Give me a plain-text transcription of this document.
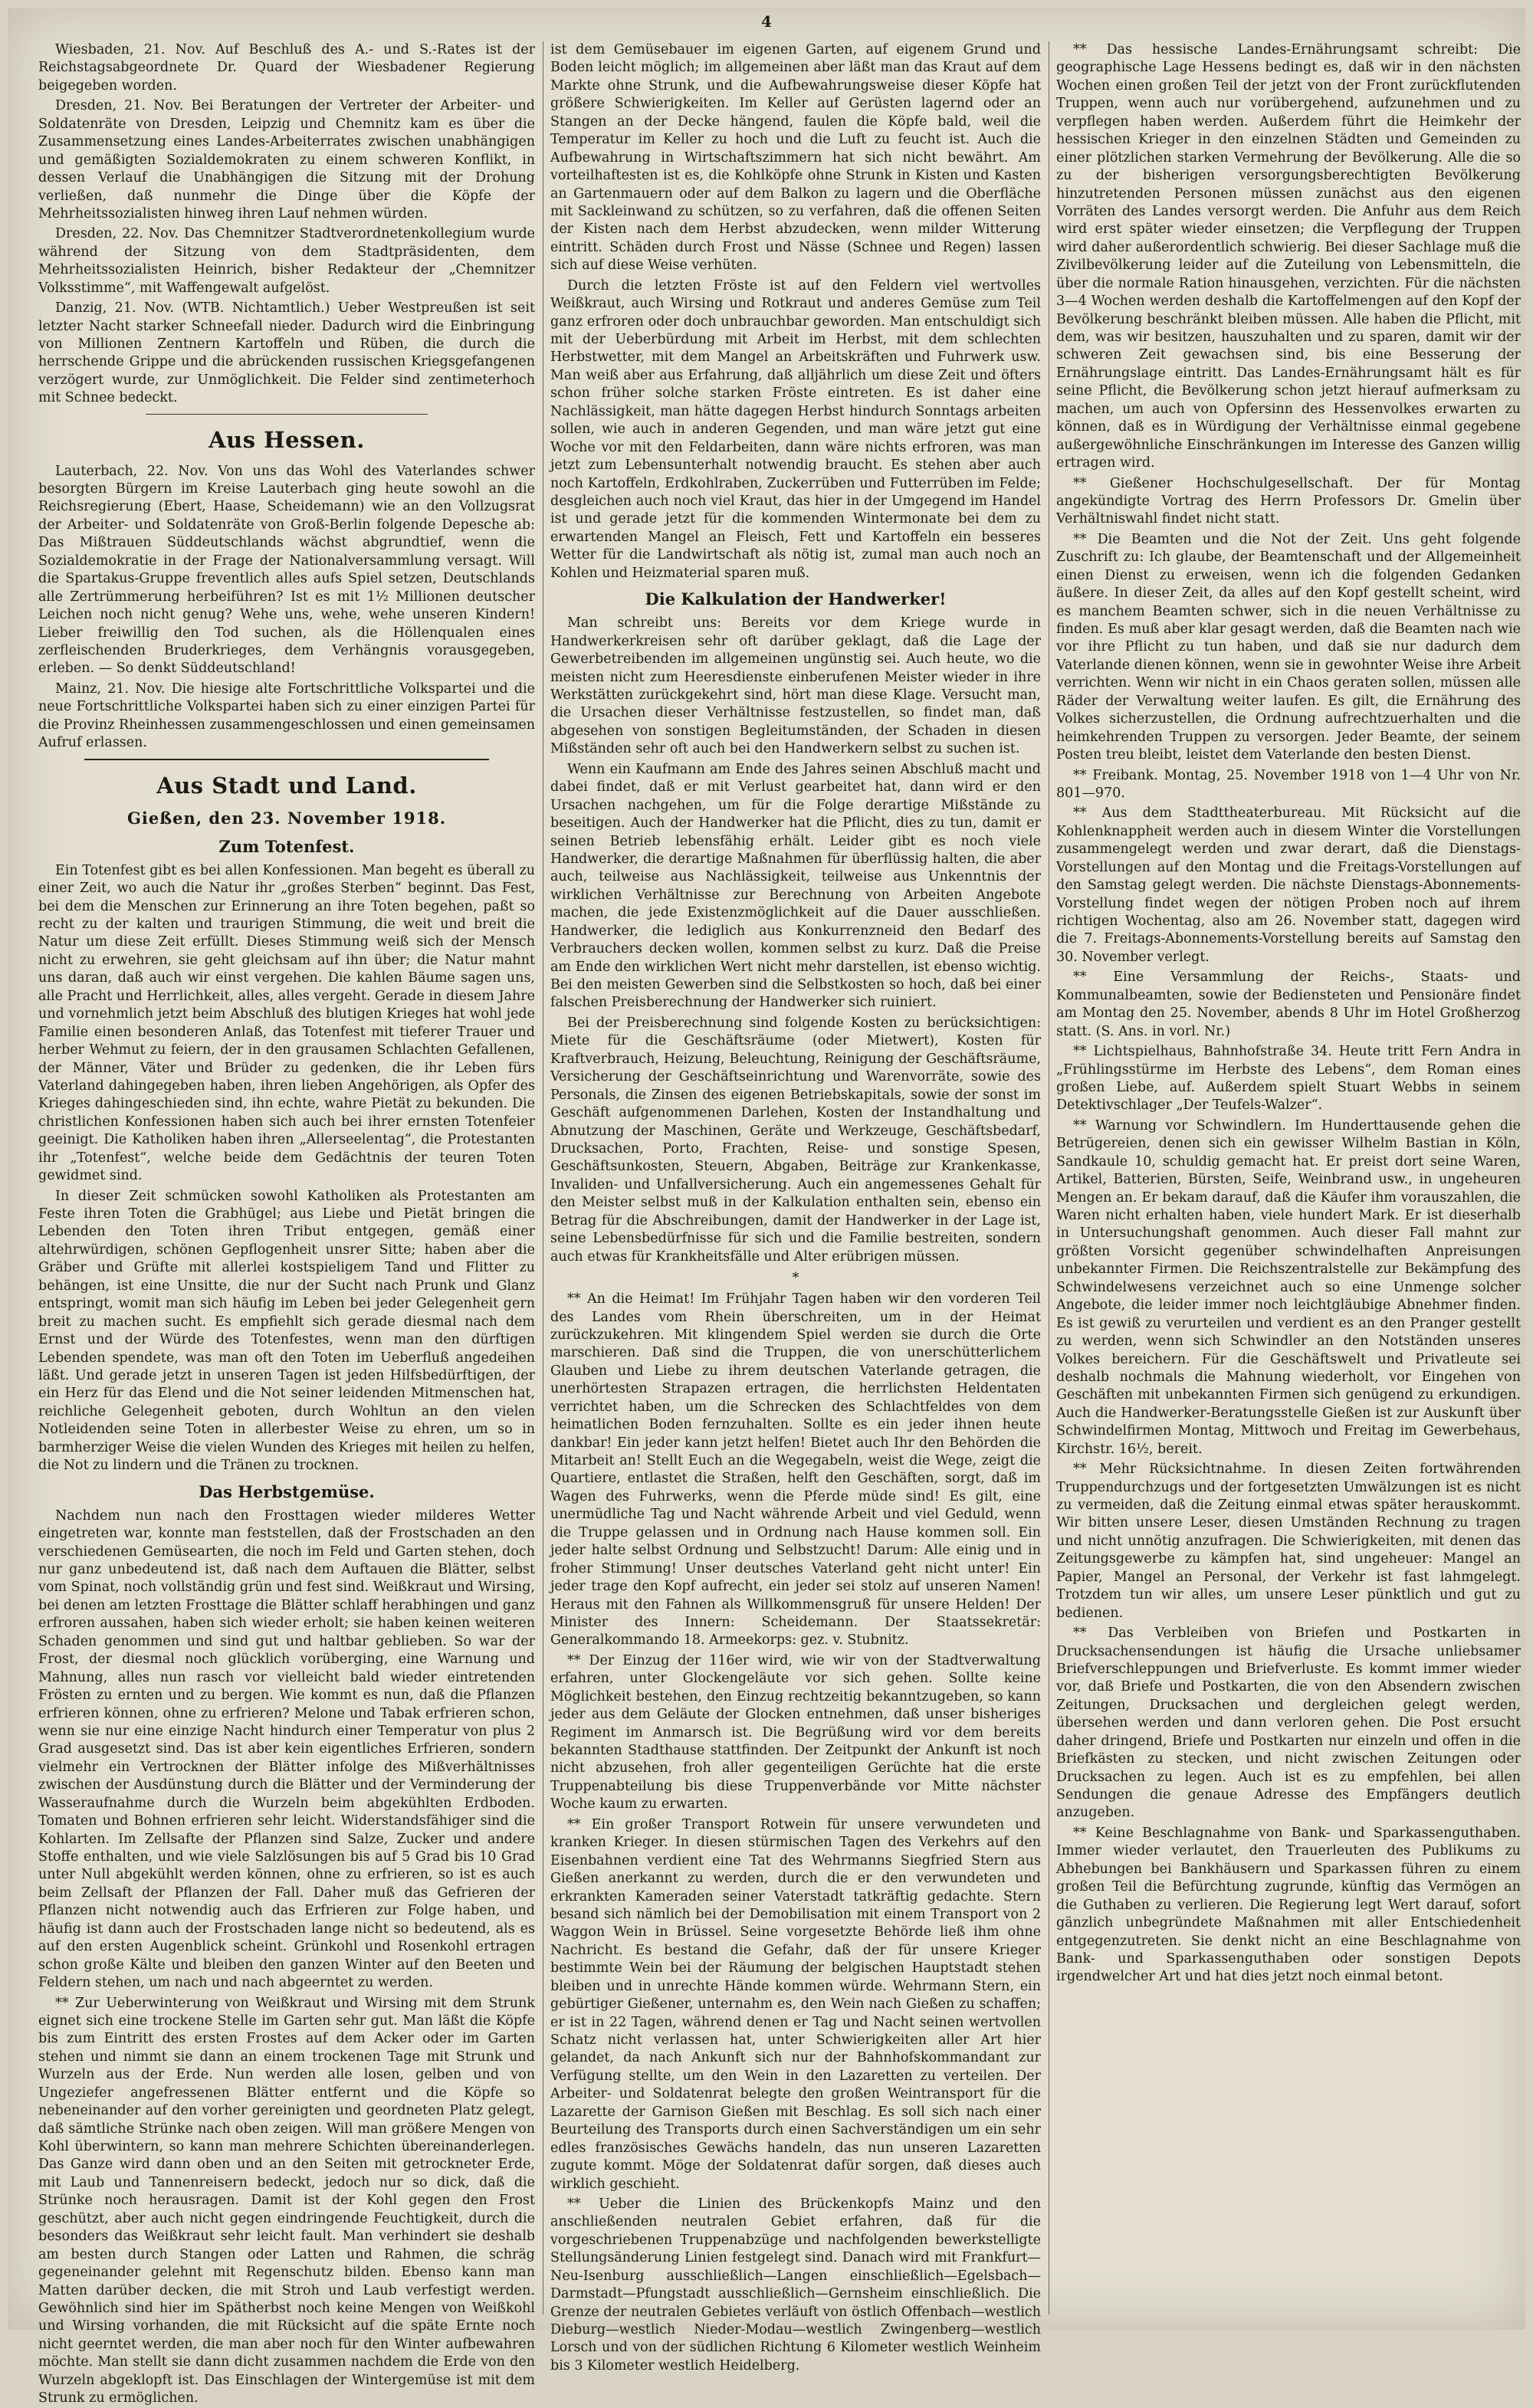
4

Wiesbaden, 21. Nov. Auf Beschluß des A.- und S.-Rates ist der Reichstagsabgeordnete Dr. Quard der Wiesbadener Regierung beigegeben worden.

Dresden, 21. Nov. Bei Beratungen der Vertreter der Arbeiter- und Soldatenräte von Dresden, Leipzig und Chemnitz kam es über die Zusammensetzung eines Landes-Arbeiterrates zwischen unabhängigen und gemäßigten Sozialdemokraten zu einem schweren Konflikt, in dessen Verlauf die Unabhängigen die Sitzung mit der Drohung verließen, daß nunmehr die Dinge über die Köpfe der Mehrheitssozialisten hinweg ihren Lauf nehmen würden.

Dresden, 22. Nov. Das Chemnitzer Stadtverordnetenkollegium wurde während der Sitzung von dem Stadtpräsidenten, dem Mehrheitssozialisten Heinrich, bisher Redakteur der „Chemnitzer Volksstimme“, mit Waffengewalt aufgelöst.

Danzig, 21. Nov. (WTB. Nichtamtlich.) Ueber Westpreußen ist seit letzter Nacht starker Schneefall nieder. Dadurch wird die Einbringung von Millionen Zentnern Kartoffeln und Rüben, die durch die herrschende Grippe und die abrückenden russischen Kriegsgefangenen verzögert wurde, zur Unmöglichkeit. Die Felder sind zentimeterhoch mit Schnee bedeckt.

Aus Hessen.

Lauterbach, 22. Nov. Von uns das Wohl des Vaterlandes schwer besorgten Bürgern im Kreise Lauterbach ging heute sowohl an die Reichsregierung (Ebert, Haase, Scheidemann) wie an den Vollzugsrat der Arbeiter- und Soldatenräte von Groß-Berlin folgende Depesche ab: Das Mißtrauen Süddeutschlands wächst abgrundtief, wenn die Sozialdemokratie in der Frage der Nationalversammlung versagt. Will die Spartakus-Gruppe freventlich alles aufs Spiel setzen, Deutschlands alle Zertrümmerung herbeiführen? Ist es mit 1½ Millionen deutscher Leichen noch nicht genug? Wehe uns, wehe, wehe unseren Kindern! Lieber freiwillig den Tod suchen, als die Höllenqualen eines zerfleischenden Bruderkrieges, dem Verhängnis vorausgegeben, erleben. — So denkt Süddeutschland!

Mainz, 21. Nov. Die hiesige alte Fortschrittliche Volkspartei und die neue Fortschrittliche Volkspartei haben sich zu einer einzigen Partei für die Provinz Rheinhessen zusammengeschlossen und einen gemeinsamen Aufruf erlassen.

Aus Stadt und Land.
Gießen, den 23. November 1918.
Zum Totenfest.

Ein Totenfest gibt es bei allen Konfessionen. Man begeht es überall zu einer Zeit, wo auch die Natur ihr „großes Sterben“ beginnt. Das Fest, bei dem die Menschen zur Erinnerung an ihre Toten begehen, paßt so recht zu der kalten und traurigen Stimmung, die weit und breit die Natur um diese Zeit erfüllt. Dieses Stimmung weiß sich der Mensch nicht zu erwehren, sie geht gleichsam auf ihn über; die Natur mahnt uns daran, daß auch wir einst vergehen. Die kahlen Bäume sagen uns, alle Pracht und Herrlichkeit, alles, alles vergeht. Gerade in diesem Jahre und vornehmlich jetzt beim Abschluß des blutigen Krieges hat wohl jede Familie einen besonderen Anlaß, das Totenfest mit tieferer Trauer und herber Wehmut zu feiern, der in den grausamen Schlachten Gefallenen, der Männer, Väter und Brüder zu gedenken, die ihr Leben fürs Vaterland dahingegeben haben, ihren lieben Angehörigen, als Opfer des Krieges dahingeschieden sind, ihn echte, wahre Pietät zu bekunden. Die christlichen Konfessionen haben sich auch bei ihrer ernsten Totenfeier geeinigt. Die Katholiken haben ihren „Allerseelentag“, die Protestanten ihr „Totenfest“, welche beide dem Gedächtnis der teuren Toten gewidmet sind.

In dieser Zeit schmücken sowohl Katholiken als Protestanten am Feste ihren Toten die Grabhügel; aus Liebe und Pietät bringen die Lebenden den Toten ihren Tribut entgegen, gemäß einer altehrwürdigen, schönen Gepflogenheit unsrer Sitte; haben aber die Gräber und Grüfte mit allerlei kostspieligem Tand und Flitter zu behängen, ist eine Unsitte, die nur der Sucht nach Prunk und Glanz entspringt, womit man sich häufig im Leben bei jeder Gelegenheit gern breit zu machen sucht. Es empfiehlt sich gerade diesmal nach dem Ernst und der Würde des Totenfestes, wenn man den dürftigen Lebenden spendete, was man oft den Toten im Ueberfluß angedeihen läßt. Und gerade jetzt in unseren Tagen ist jeden Hilfsbedürftigen, der ein Herz für das Elend und die Not seiner leidenden Mitmenschen hat, reichliche Gelegenheit geboten, durch Wohltun an den vielen Notleidenden seine Toten in allerbester Weise zu ehren, um so in barmherziger Weise die vielen Wunden des Krieges mit heilen zu helfen, die Not zu lindern und die Tränen zu trocknen.

Das Herbstgemüse.

Nachdem nun nach den Frosttagen wieder milderes Wetter eingetreten war, konnte man feststellen, daß der Frostschaden an den verschiedenen Gemüsearten, die noch im Feld und Garten stehen, doch nur ganz unbedeutend ist, daß nach dem Auftauen die Blätter, selbst vom Spinat, noch vollständig grün und fest sind. Weißkraut und Wirsing, bei denen am letzten Frosttage die Blätter schlaff herabhingen und ganz erfroren aussahen, haben sich wieder erholt; sie haben keinen weiteren Schaden genommen und sind gut und haltbar geblieben. So war der Frost, der diesmal noch glücklich vorüberging, eine Warnung und Mahnung, alles nun rasch vor vielleicht bald wieder eintretenden Frösten zu ernten und zu bergen. Wie kommt es nun, daß die Pflanzen erfrieren können, ohne zu erfrieren? Melone und Tabak erfrieren schon, wenn sie nur eine einzige Nacht hindurch einer Temperatur von plus 2 Grad ausgesetzt sind. Das ist aber kein eigentliches Erfrieren, sondern vielmehr ein Vertrocknen der Blätter infolge des Mißverhältnisses zwischen der Ausdünstung durch die Blätter und der Verminderung der Wasseraufnahme durch die Wurzeln beim abgekühlten Erdboden. Tomaten und Bohnen erfrieren sehr leicht. Widerstandsfähiger sind die Kohlarten. Im Zellsafte der Pflanzen sind Salze, Zucker und andere Stoffe enthalten, und wie viele Salzlösungen bis auf 5 Grad bis 10 Grad unter Null abgekühlt werden können, ohne zu erfrieren, so ist es auch beim Zellsaft der Pflanzen der Fall. Daher muß das Gefrieren der Pflanzen nicht notwendig auch das Erfrieren zur Folge haben, und häufig ist dann auch der Frostschaden lange nicht so bedeutend, als es auf den ersten Augenblick scheint. Grünkohl und Rosenkohl ertragen schon große Kälte und bleiben den ganzen Winter auf den Beeten und Feldern stehen, um nach und nach abgeerntet zu werden.

** Zur Ueberwinterung von Weißkraut und Wirsing mit dem Strunk eignet sich eine trockene Stelle im Garten sehr gut. Man läßt die Köpfe bis zum Eintritt des ersten Frostes auf dem Acker oder im Garten stehen und nimmt sie dann an einem trockenen Tage mit Strunk und Wurzeln aus der Erde. Nun werden alle losen, gelben und von Ungeziefer angefressenen Blätter entfernt und die Köpfe so nebeneinander auf den vorher gereinigten und geordneten Platz gelegt, daß sämtliche Strünke nach oben zeigen. Will man größere Mengen von Kohl überwintern, so kann man mehrere Schichten übereinanderlegen. Das Ganze wird dann oben und an den Seiten mit getrockneter Erde, mit Laub und Tannenreisern bedeckt, jedoch nur so dick, daß die Strünke noch herausragen. Damit ist der Kohl gegen den Frost geschützt, aber auch nicht gegen eindringende Feuchtigkeit, durch die besonders das Weißkraut sehr leicht fault. Man verhindert sie deshalb am besten durch Stangen oder Latten und Rahmen, die schräg gegeneinander gelehnt mit Regenschutz bilden. Ebenso kann man Matten darüber decken, die mit Stroh und Laub verfestigt werden. Gewöhnlich sind hier im Spätherbst noch keine Mengen von Weißkohl und Wirsing vorhanden, die mit Rücksicht auf die späte Ernte noch nicht geerntet werden, die man aber noch für den Winter aufbewahren möchte. Man stellt sie dann dicht zusammen nachdem die Erde von den Wurzeln abgeklopft ist. Das Einschlagen der Wintergemüse ist mit dem Strunk zu ermöglichen.

ist dem Gemüsebauer im eigenen Garten, auf eigenem Grund und Boden leicht möglich; im allgemeinen aber läßt man das Kraut auf dem Markte ohne Strunk, und die Aufbewahrungsweise dieser Köpfe hat größere Schwierigkeiten. Im Keller auf Gerüsten lagernd oder an Stangen an der Decke hängend, faulen die Köpfe bald, weil die Temperatur im Keller zu hoch und die Luft zu feucht ist. Auch die Aufbewahrung in Wirtschaftszimmern hat sich nicht bewährt. Am vorteilhaftesten ist es, die Kohlköpfe ohne Strunk in Kisten und Kasten an Gartenmauern oder auf dem Balkon zu lagern und die Oberfläche mit Sackleinwand zu schützen, so zu verfahren, daß die offenen Seiten der Kisten nach dem Herbst abzudecken, wenn milder Witterung eintritt. Schäden durch Frost und Nässe (Schnee und Regen) lassen sich auf diese Weise verhüten.

Durch die letzten Fröste ist auf den Feldern viel wertvolles Weißkraut, auch Wirsing und Rotkraut und anderes Gemüse zum Teil ganz erfroren oder doch unbrauchbar geworden. Man entschuldigt sich mit der Ueberbürdung mit Arbeit im Herbst, mit dem schlechten Herbstwetter, mit dem Mangel an Arbeitskräften und Fuhrwerk usw. Man weiß aber aus Erfahrung, daß alljährlich um diese Zeit und öfters schon früher solche starken Fröste eintreten. Es ist daher eine Nachlässigkeit, man hätte dagegen Herbst hindurch Sonntags arbeiten sollen, wie auch in anderen Gegenden, und man wäre jetzt gut eine Woche vor mit den Feldarbeiten, dann wäre nichts erfroren, was man jetzt zum Lebensunterhalt notwendig braucht. Es stehen aber auch noch Kartoffeln, Erdkohlraben, Zuckerrüben und Futterrüben im Felde; desgleichen auch noch viel Kraut, das hier in der Umgegend im Handel ist und gerade jetzt für die kommenden Wintermonate bei dem zu erwartenden Mangel an Fleisch, Fett und Kartoffeln ein besseres Wetter für die Landwirtschaft als nötig ist, zumal man auch noch an Kohlen und Heizmaterial sparen muß.

Die Kalkulation der Handwerker!

Man schreibt uns: Bereits vor dem Kriege wurde in Handwerkerkreisen sehr oft darüber geklagt, daß die Lage der Gewerbetreibenden im allgemeinen ungünstig sei. Auch heute, wo die meisten nicht zum Heeresdienste einberufenen Meister wieder in ihre Werkstätten zurückgekehrt sind, hört man diese Klage. Versucht man, die Ursachen dieser Verhältnisse festzustellen, so findet man, daß abgesehen von sonstigen Begleitumständen, der Schaden in diesen Mißständen sehr oft auch bei den Handwerkern selbst zu suchen ist.

Wenn ein Kaufmann am Ende des Jahres seinen Abschluß macht und dabei findet, daß er mit Verlust gearbeitet hat, dann wird er den Ursachen nachgehen, um für die Folge derartige Mißstände zu beseitigen. Auch der Handwerker hat die Pflicht, dies zu tun, damit er seinen Betrieb lebensfähig erhält. Leider gibt es noch viele Handwerker, die derartige Maßnahmen für überflüssig halten, die aber auch, teilweise aus Nachlässigkeit, teilweise aus Unkenntnis der wirklichen Verhältnisse zur Berechnung von Arbeiten Angebote machen, die jede Existenzmöglichkeit auf die Dauer ausschließen. Handwerker, die lediglich aus Konkurrenzneid den Bedarf des Verbrauchers decken wollen, kommen selbst zu kurz. Daß die Preise am Ende den wirklichen Wert nicht mehr darstellen, ist ebenso wichtig. Bei den meisten Gewerben sind die Selbstkosten so hoch, daß bei einer falschen Preisberechnung der Handwerker sich ruiniert.

Bei der Preisberechnung sind folgende Kosten zu berücksichtigen: Miete für die Geschäftsräume (oder Mietwert), Kosten für Kraftverbrauch, Heizung, Beleuchtung, Reinigung der Geschäftsräume, Versicherung der Geschäftseinrichtung und Warenvorräte, sowie des Personals, die Zinsen des eigenen Betriebskapitals, sowie der sonst im Geschäft aufgenommenen Darlehen, Kosten der Instandhaltung und Abnutzung der Maschinen, Geräte und Werkzeuge, Geschäftsbedarf, Drucksachen, Porto, Frachten, Reise- und sonstige Spesen, Geschäftsunkosten, Steuern, Abgaben, Beiträge zur Krankenkasse, Invaliden- und Unfallversicherung. Auch ein angemessenes Gehalt für den Meister selbst muß in der Kalkulation enthalten sein, ebenso ein Betrag für die Abschreibungen, damit der Handwerker in der Lage ist, seine Lebensbedürfnisse für sich und die Familie bestreiten, sondern auch etwas für Krankheitsfälle und Alter erübrigen müssen.

*

** An die Heimat! Im Frühjahr Tagen haben wir den vorderen Teil des Landes vom Rhein überschreiten, um in der Heimat zurückzukehren. Mit klingendem Spiel werden sie durch die Orte marschieren. Daß sind die Truppen, die von unerschütterlichem Glauben und Liebe zu ihrem deutschen Vaterlande getragen, die unerhörtesten Strapazen ertragen, die herrlichsten Heldentaten verrichtet haben, um die Schrecken des Schlachtfeldes von dem heimatlichen Boden fernzuhalten. Sollte es ein jeder ihnen heute dankbar! Ein jeder kann jetzt helfen! Bietet auch Ihr den Behörden die Mitarbeit an! Stellt Euch an die Wegegabeln, weist die Wege, zeigt die Quartiere, entlastet die Straßen, helft den Geschäften, sorgt, daß im Wagen des Fuhrwerks, wenn die Pferde müde sind! Es gilt, eine unermüdliche Tag und Nacht währende Arbeit und viel Geduld, wenn die Truppe gelassen und in Ordnung nach Hause kommen soll. Ein jeder halte selbst Ordnung und Selbstzucht! Darum: Alle einig und in froher Stimmung! Unser deutsches Vaterland geht nicht unter! Ein jeder trage den Kopf aufrecht, ein jeder sei stolz auf unseren Namen! Heraus mit den Fahnen als Willkommensgruß für unsere Helden! Der Minister des Innern: Scheidemann. Der Staatssekretär: Generalkommando 18. Armeekorps: gez. v. Stubnitz.

** Der Einzug der 116er wird, wie wir von der Stadtverwaltung erfahren, unter Glockengeläute vor sich gehen. Sollte keine Möglichkeit bestehen, den Einzug rechtzeitig bekanntzugeben, so kann jeder aus dem Geläute der Glocken entnehmen, daß unser bisheriges Regiment im Anmarsch ist. Die Begrüßung wird vor dem bereits bekannten Stadthause stattfinden. Der Zeitpunkt der Ankunft ist noch nicht abzusehen, froh aller gegenteiligen Gerüchte hat die erste Truppenabteilung bis diese Truppenverbände vor Mitte nächster Woche kaum zu erwarten.

** Ein großer Transport Rotwein für unsere verwundeten und kranken Krieger. In diesen stürmischen Tagen des Verkehrs auf den Eisenbahnen verdient eine Tat des Wehrmanns Siegfried Stern aus Gießen anerkannt zu werden, durch die er den verwundeten und erkrankten Kameraden seiner Vaterstadt tatkräftig gedachte. Stern besand sich nämlich bei der Demobilisation mit einem Transport von 2 Waggon Wein in Brüssel. Seine vorgesetzte Behörde ließ ihm ohne Nachricht. Es bestand die Gefahr, daß der für unsere Krieger bestimmte Wein bei der Räumung der belgischen Hauptstadt stehen bleiben und in unrechte Hände kommen würde. Wehrmann Stern, ein gebürtiger Gießener, unternahm es, den Wein nach Gießen zu schaffen; er ist in 22 Tagen, während denen er Tag und Nacht seinen wertvollen Schatz nicht verlassen hat, unter Schwierigkeiten aller Art hier gelandet, da nach Ankunft sich nur der Bahnhofskommandant zur Verfügung stellte, um den Wein in den Lazaretten zu verteilen. Der Arbeiter- und Soldatenrat belegte den großen Weintransport für die Lazarette der Garnison Gießen mit Beschlag. Es soll sich nach einer Beurteilung des Transports durch einen Sachverständigen um ein sehr edles französisches Gewächs handeln, das nun unseren Lazaretten zugute kommt. Möge der Soldatenrat dafür sorgen, daß dieses auch wirklich geschieht.

** Ueber die Linien des Brückenkopfs Mainz und den anschließenden neutralen Gebiet erfahren, daß für die vorgeschriebenen Truppenabzüge und nachfolgenden bewerkstelligte Stellungsänderung Linien festgelegt sind. Danach wird mit Frankfurt—Neu-Isenburg ausschließlich—Langen einschließlich—Egelsbach—Darmstadt—Pfungstadt ausschließlich—Gernsheim einschließlich. Die Grenze der neutralen Gebietes verläuft von östlich Offenbach—westlich Dieburg—westlich Nieder-Modau—westlich Zwingenberg—westlich Lorsch und von der südlichen Richtung 6 Kilometer westlich Weinheim bis 3 Kilometer westlich Heidelberg.

** Das hessische Landes-Ernährungsamt schreibt: Die geographische Lage Hessens bedingt es, daß wir in den nächsten Wochen einen großen Teil der jetzt von der Front zurückflutenden Truppen, wenn auch nur vorübergehend, aufzunehmen und zu verpflegen haben werden. Außerdem führt die Heimkehr der hessischen Krieger in den einzelnen Städten und Gemeinden zu einer plötzlichen starken Vermehrung der Bevölkerung. Alle die so zu der bisherigen versorgungsberechtigten Bevölkerung hinzutretenden Personen müssen zunächst aus den eigenen Vorräten des Landes versorgt werden. Die Anfuhr aus dem Reich wird erst später wieder einsetzen; die Verpflegung der Truppen wird daher außerordentlich schwierig. Bei dieser Sachlage muß die Zivilbevölkerung leider auf die Zuteilung von Lebensmitteln, die über die normale Ration hinausgehen, verzichten. Für die nächsten 3—4 Wochen werden deshalb die Kartoffelmengen auf den Kopf der Bevölkerung beschränkt bleiben müssen. Alle haben die Pflicht, mit dem, was wir besitzen, hauszuhalten und zu sparen, damit wir der schweren Zeit gewachsen sind, bis eine Besserung der Ernährungslage eintritt. Das Landes-Ernährungsamt hält es für seine Pflicht, die Bevölkerung schon jetzt hierauf aufmerksam zu machen, um auch von Opfersinn des Hessenvolkes erwarten zu können, daß es in Würdigung der Verhältnisse einmal gegebene außergewöhnliche Einschränkungen im Interesse des Ganzen willig ertragen wird.

** Gießener Hochschulgesellschaft. Der für Montag angekündigte Vortrag des Herrn Professors Dr. Gmelin über Verhältniswahl findet nicht statt.

** Die Beamten und die Not der Zeit. Uns geht folgende Zuschrift zu: Ich glaube, der Beamtenschaft und der Allgemeinheit einen Dienst zu erweisen, wenn ich die folgenden Gedanken äußere. In dieser Zeit, da alles auf den Kopf gestellt scheint, wird es manchem Beamten schwer, sich in die neuen Verhältnisse zu finden. Es muß aber klar gesagt werden, daß die Beamten nach wie vor ihre Pflicht zu tun haben, und daß sie nur dadurch dem Vaterlande dienen können, wenn sie in gewohnter Weise ihre Arbeit verrichten. Wenn wir nicht in ein Chaos geraten sollen, müssen alle Räder der Verwaltung weiter laufen. Es gilt, die Ernährung des Volkes sicherzustellen, die Ordnung aufrechtzuerhalten und die heimkehrenden Truppen zu versorgen. Jeder Beamte, der seinem Posten treu bleibt, leistet dem Vaterlande den besten Dienst.

** Freibank. Montag, 25. November 1918 von 1—4 Uhr von Nr. 801—970.

** Aus dem Stadttheaterbureau. Mit Rücksicht auf die Kohlenknappheit werden auch in diesem Winter die Vorstellungen zusammengelegt werden und zwar derart, daß die Dienstags-Vorstellungen auf den Montag und die Freitags-Vorstellungen auf den Samstag gelegt werden. Die nächste Dienstags-Abonnements-Vorstellung findet wegen der nötigen Proben noch auf ihrem richtigen Wochentag, also am 26. November statt, dagegen wird die 7. Freitags-Abonnements-Vorstellung bereits auf Samstag den 30. November verlegt.

** Eine Versammlung der Reichs-, Staats- und Kommunalbeamten, sowie der Bediensteten und Pensionäre findet am Montag den 25. November, abends 8 Uhr im Hotel Großherzog statt. (S. Ans. in vorl. Nr.)

** Lichtspielhaus, Bahnhofstraße 34. Heute tritt Fern Andra in „Frühlingsstürme im Herbste des Lebens“, dem Roman eines großen Liebe, auf. Außerdem spielt Stuart Webbs in seinem Detektivschlager „Der Teufels-Walzer“.

** Warnung vor Schwindlern. Im Hunderttausende gehen die Betrügereien, denen sich ein gewisser Wilhelm Bastian in Köln, Sandkaule 10, schuldig gemacht hat. Er preist dort seine Waren, Artikel, Batterien, Bürsten, Seife, Weinbrand usw., in ungeheuren Mengen an. Er bekam darauf, daß die Käufer ihm vorauszahlen, die Waren nicht erhalten haben, viele hundert Mark. Er ist dieserhalb in Untersuchungshaft genommen. Auch dieser Fall mahnt zur größten Vorsicht gegenüber schwindelhaften Anpreisungen unbekannter Firmen. Die Reichszentralstelle zur Bekämpfung des Schwindelwesens verzeichnet auch so eine Unmenge solcher Angebote, die leider immer noch leichtgläubige Abnehmer finden. Es ist gewiß zu verurteilen und verdient es an den Pranger gestellt zu werden, wenn sich Schwindler an den Notständen unseres Volkes bereichern. Für die Geschäftswelt und Privatleute sei deshalb nochmals die Mahnung wiederholt, vor Eingehen von Geschäften mit unbekannten Firmen sich genügend zu erkundigen. Auch die Handwerker-Beratungsstelle Gießen ist zur Auskunft über Schwindelfirmen Montag, Mittwoch und Freitag im Gewerbehaus, Kirchstr. 16½, bereit.

** Mehr Rücksichtnahme. In diesen Zeiten fortwährenden Truppendurchzugs und der fortgesetzten Umwälzungen ist es nicht zu vermeiden, daß die Zeitung einmal etwas später herauskommt. Wir bitten unsere Leser, diesen Umständen Rechnung zu tragen und nicht unnötig anzufragen. Die Schwierigkeiten, mit denen das Zeitungsgewerbe zu kämpfen hat, sind ungeheuer: Mangel an Papier, Mangel an Personal, der Verkehr ist fast lahmgelegt. Trotzdem tun wir alles, um unsere Leser pünktlich und gut zu bedienen.

** Das Verbleiben von Briefen und Postkarten in Drucksachensendungen ist häufig die Ursache unliebsamer Briefverschleppungen und Briefverluste. Es kommt immer wieder vor, daß Briefe und Postkarten, die von den Absendern zwischen Zeitungen, Drucksachen und dergleichen gelegt werden, übersehen werden und dann verloren gehen. Die Post ersucht daher dringend, Briefe und Postkarten nur einzeln und offen in die Briefkästen zu stecken, und nicht zwischen Zeitungen oder Drucksachen zu legen. Auch ist es zu empfehlen, bei allen Sendungen die genaue Adresse des Empfängers deutlich anzugeben.

** Keine Beschlagnahme von Bank- und Sparkassenguthaben. Immer wieder verlautet, den Trauerleuten des Publikums zu Abhebungen bei Bankhäusern und Sparkassen führen zu einem großen Teil die Befürchtung zugrunde, künftig das Vermögen an die Guthaben zu verlieren. Die Regierung legt Wert darauf, sofort gänzlich unbegründete Maßnahmen mit aller Entschiedenheit entgegenzutreten. Sie denkt nicht an eine Beschlagnahme von Bank- und Sparkassenguthaben oder sonstigen Depots irgendwelcher Art und hat dies jetzt noch einmal betont.
